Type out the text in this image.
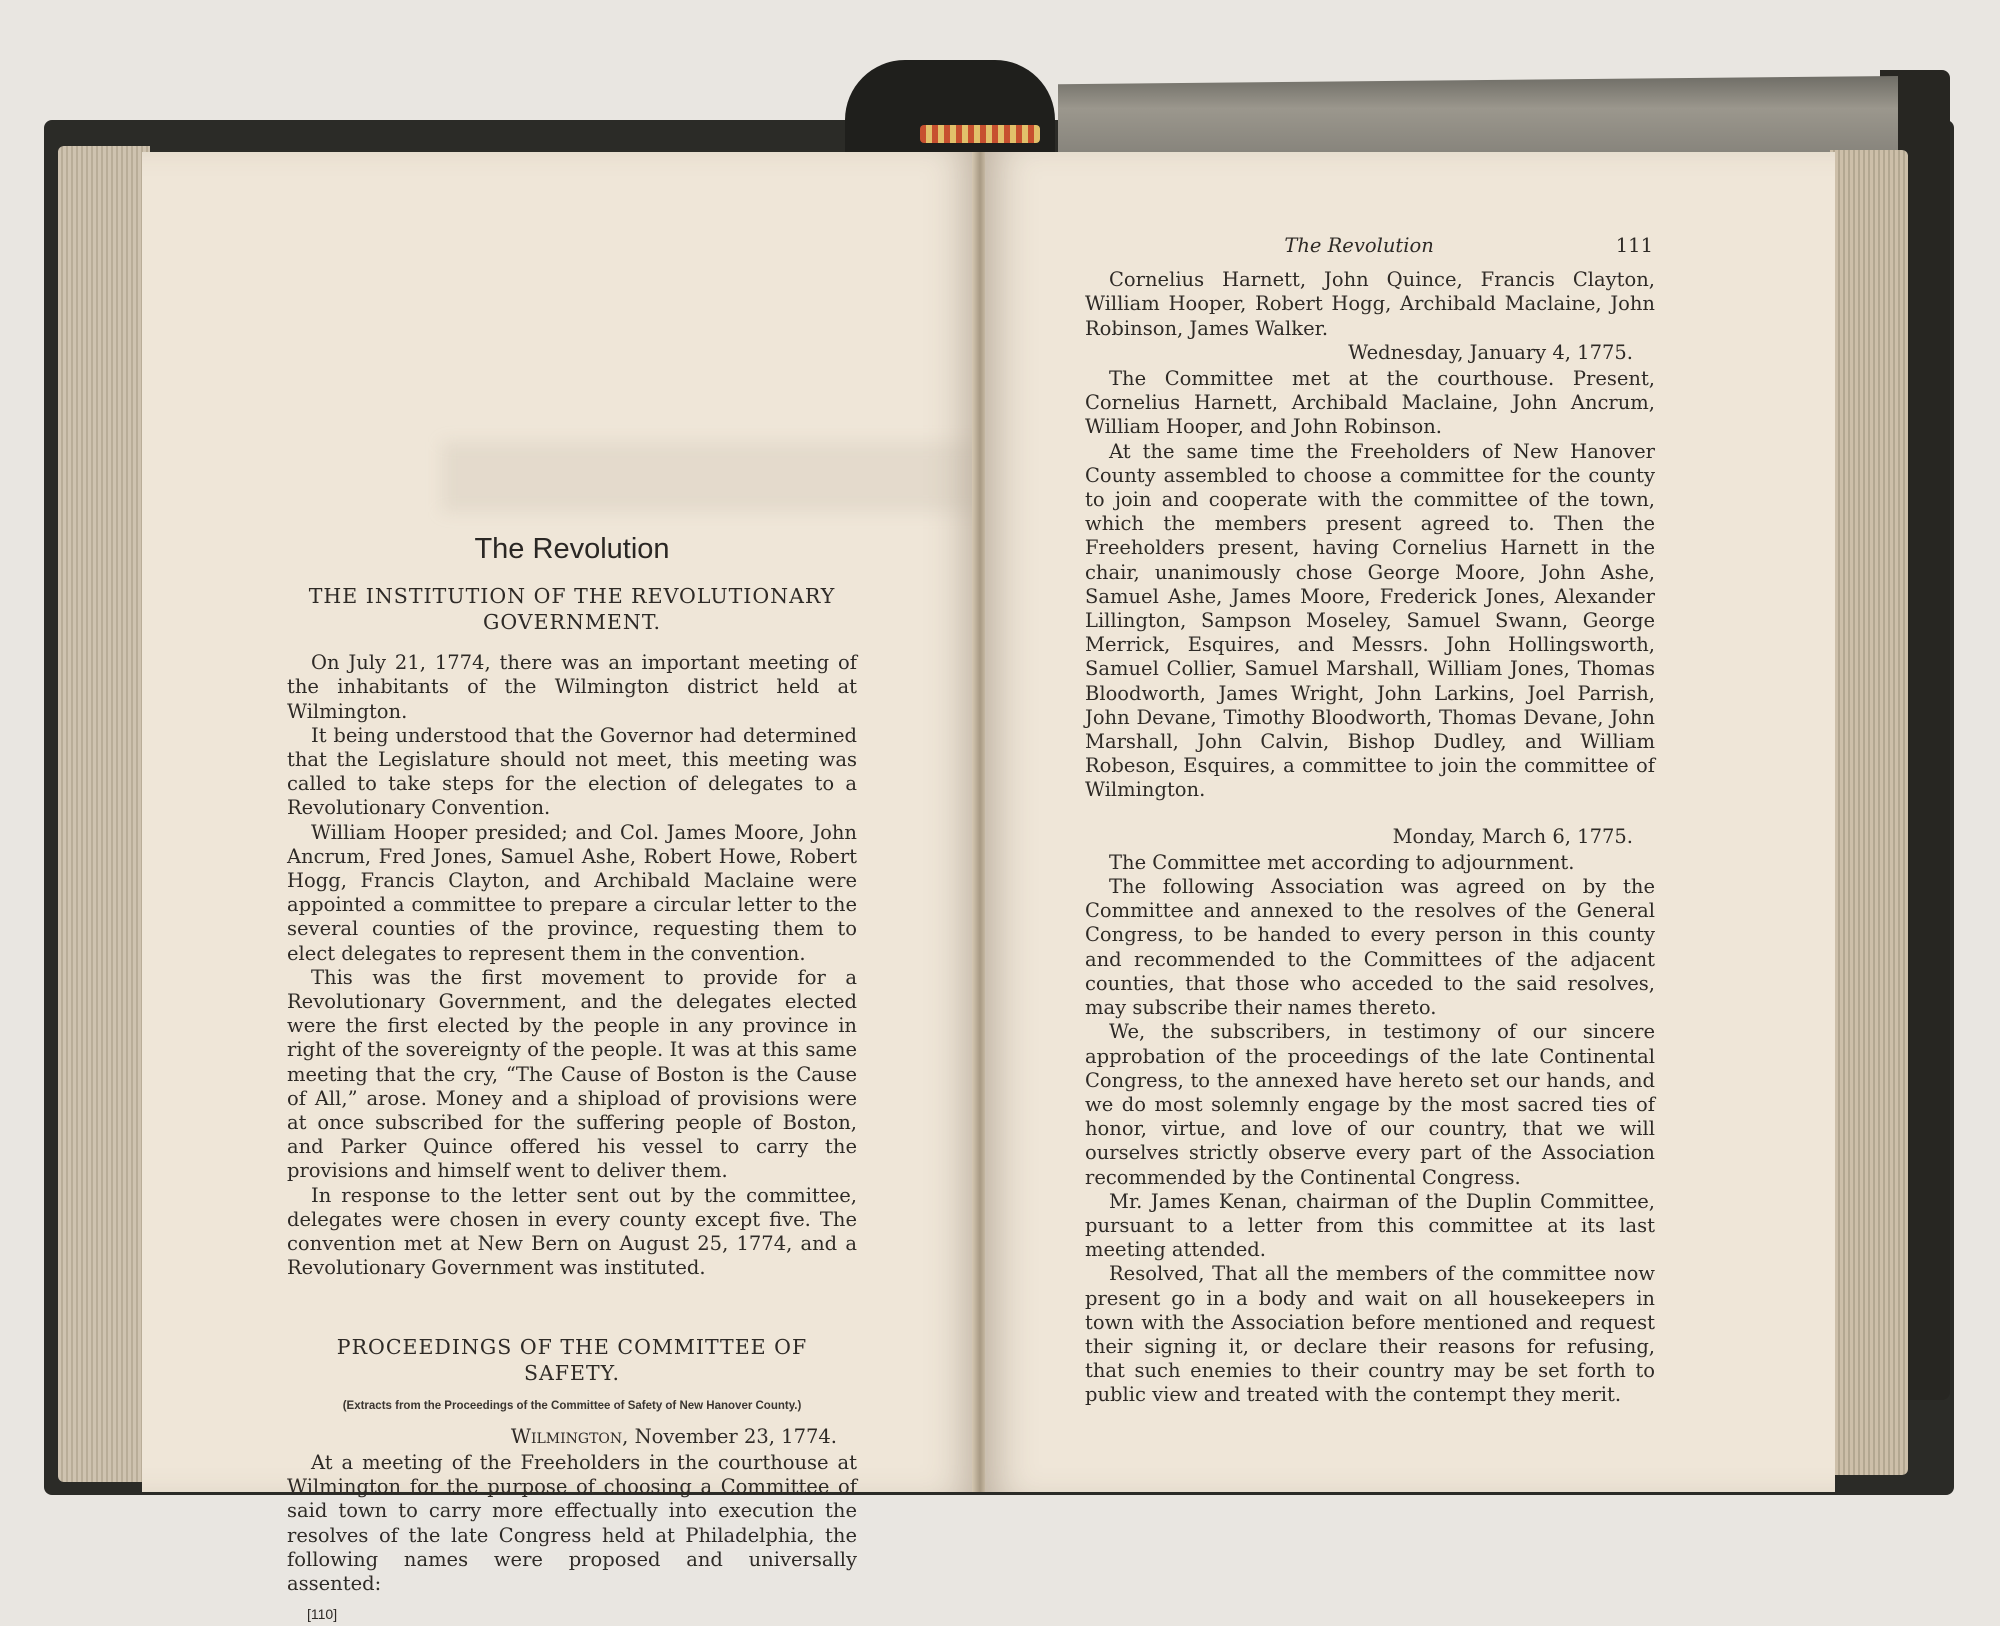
The Revolution
THE INSTITUTION OF THE REVOLUTIONARY GOVERNMENT.

On July 21, 1774, there was an important meeting of the inhabitants of the Wilmington district held at Wilmington.

It being understood that the Governor had determined that the Legislature should not meet, this meeting was called to take steps for the election of delegates to a Revolutionary Convention.

William Hooper presided; and Col. James Moore, John Ancrum, Fred Jones, Samuel Ashe, Robert Howe, Robert Hogg, Francis Clayton, and Archibald Maclaine were appointed a committee to prepare a circular letter to the several counties of the province, requesting them to elect delegates to represent them in the convention.

This was the first movement to provide for a Revolutionary Government, and the delegates elected were the first elected by the people in any province in right of the sovereignty of the people. It was at this same meeting that the cry, “The Cause of Boston is the Cause of All,” arose. Money and a shipload of provisions were at once subscribed for the suffering people of Boston, and Parker Quince offered his vessel to carry the provisions and himself went to deliver them.

In response to the letter sent out by the committee, delegates were chosen in every county except five. The convention met at New Bern on August 25, 1774, and a Revolutionary Government was instituted.

PROCEEDINGS OF THE COMMITTEE OF SAFETY.
(Extracts from the Proceedings of the Committee of Safety of New Hanover County.)
Wilmington, November 23, 1774.

At a meeting of the Freeholders in the courthouse at Wilmington for the purpose of choosing a Committee of said town to carry more effectually into execution the resolves of the late Congress held at Philadelphia, the following names were proposed and universally assented:

[110]
The Revolution	111

Cornelius Harnett, John Quince, Francis Clayton, William Hooper, Robert Hogg, Archibald Maclaine, John Robinson, James Walker.

Wednesday, January 4, 1775.

The Committee met at the courthouse. Present, Cornelius Harnett, Archibald Maclaine, John Ancrum, William Hooper, and John Robinson.

At the same time the Freeholders of New Hanover County assembled to choose a committee for the county to join and cooperate with the committee of the town, which the members present agreed to. Then the Freeholders present, having Cornelius Harnett in the chair, unanimously chose George Moore, John Ashe, Samuel Ashe, James Moore, Frederick Jones, Alexander Lillington, Sampson Moseley, Samuel Swann, George Merrick, Esquires, and Messrs. John Hollingsworth, Samuel Collier, Samuel Marshall, William Jones, Thomas Bloodworth, James Wright, John Larkins, Joel Parrish, John Devane, Timothy Bloodworth, Thomas Devane, John Marshall, John Calvin, Bishop Dudley, and William Robeson, Esquires, a committee to join the committee of Wilmington.

Monday, March 6, 1775.

The Committee met according to adjournment.

The following Association was agreed on by the Committee and annexed to the resolves of the General Congress, to be handed to every person in this county and recommended to the Committees of the adjacent counties, that those who acceded to the said resolves, may subscribe their names thereto.

We, the subscribers, in testimony of our sincere approbation of the proceedings of the late Continental Congress, to the annexed have hereto set our hands, and we do most solemnly engage by the most sacred ties of honor, virtue, and love of our country, that we will ourselves strictly observe every part of the Association recommended by the Continental Congress.

Mr. James Kenan, chairman of the Duplin Committee, pursuant to a letter from this committee at its last meeting attended.

Resolved, That all the members of the committee now present go in a body and wait on all housekeepers in town with the Association before mentioned and request their signing it, or declare their reasons for refusing, that such enemies to their country may be set forth to public view and treated with the contempt they merit.
